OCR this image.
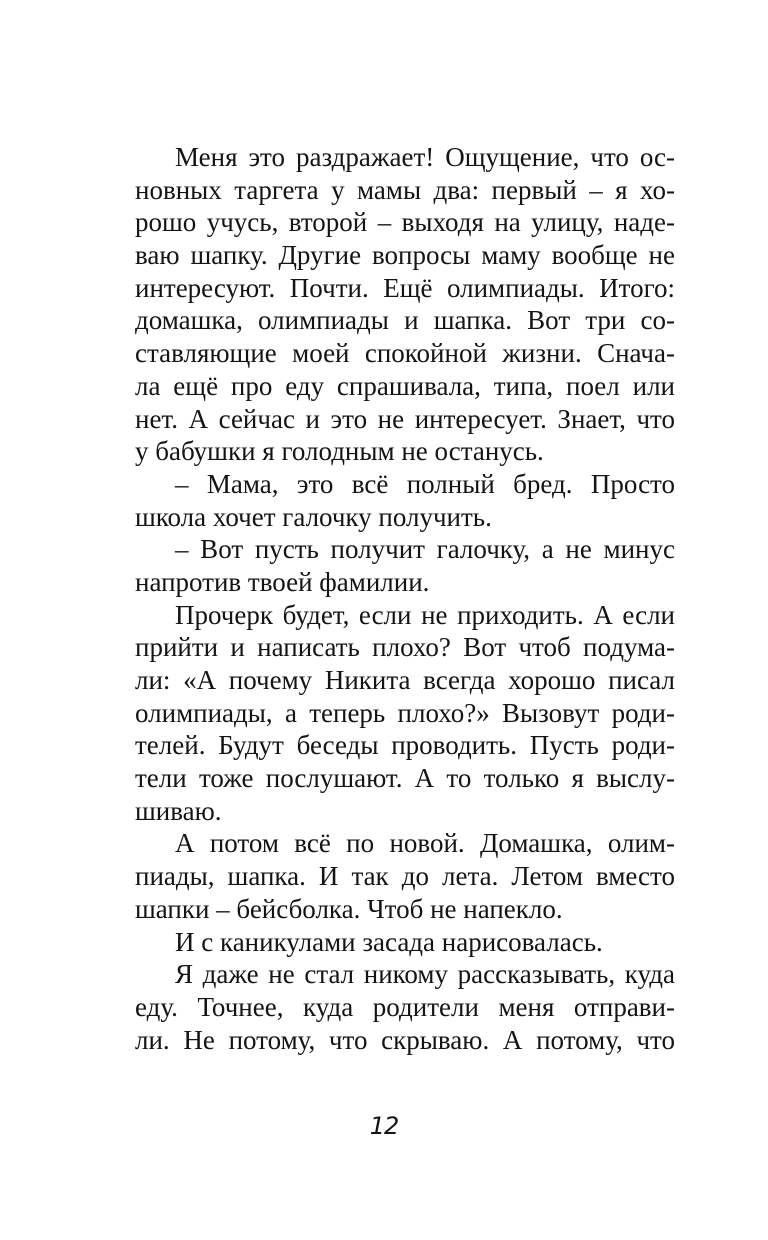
Меня это раздражает! Ощущение, что ос-
новных таргета у мамы два: первый – я хо-
рошо учусь, второй – выходя на улицу, наде-
ваю шапку. Другие вопросы маму вообще не
интересуют. Почти. Ещё олимпиады. Итого:
домашка, олимпиады и шапка. Вот три со-
ставляющие моей спокойной жизни. Снача-
ла ещё про еду спрашивала, типа, поел или
нет. А сейчас и это не интересует. Знает, что
у бабушки я голодным не останусь.
– Мама, это всё полный бред. Просто
школа хочет галочку получить.
– Вот пусть получит галочку, а не минус
напротив твоей фамилии.
Прочерк будет, если не приходить. А если
прийти и написать плохо? Вот чтоб подума-
ли: «А почему Никита всегда хорошо писал
олимпиады, а теперь плохо?» Вызовут роди-
телей. Будут беседы проводить. Пусть роди-
тели тоже послушают. А то только я выслу-
шиваю.
А потом всё по новой. Домашка, олим-
пиады, шапка. И так до лета. Летом вместо
шапки – бейсболка. Чтоб не напекло.
И с каникулами засада нарисовалась.
Я даже не стал никому рассказывать, куда
еду. Точнее, куда родители меня отправи-
ли. Не потому, что скрываю. А потому, что
12
